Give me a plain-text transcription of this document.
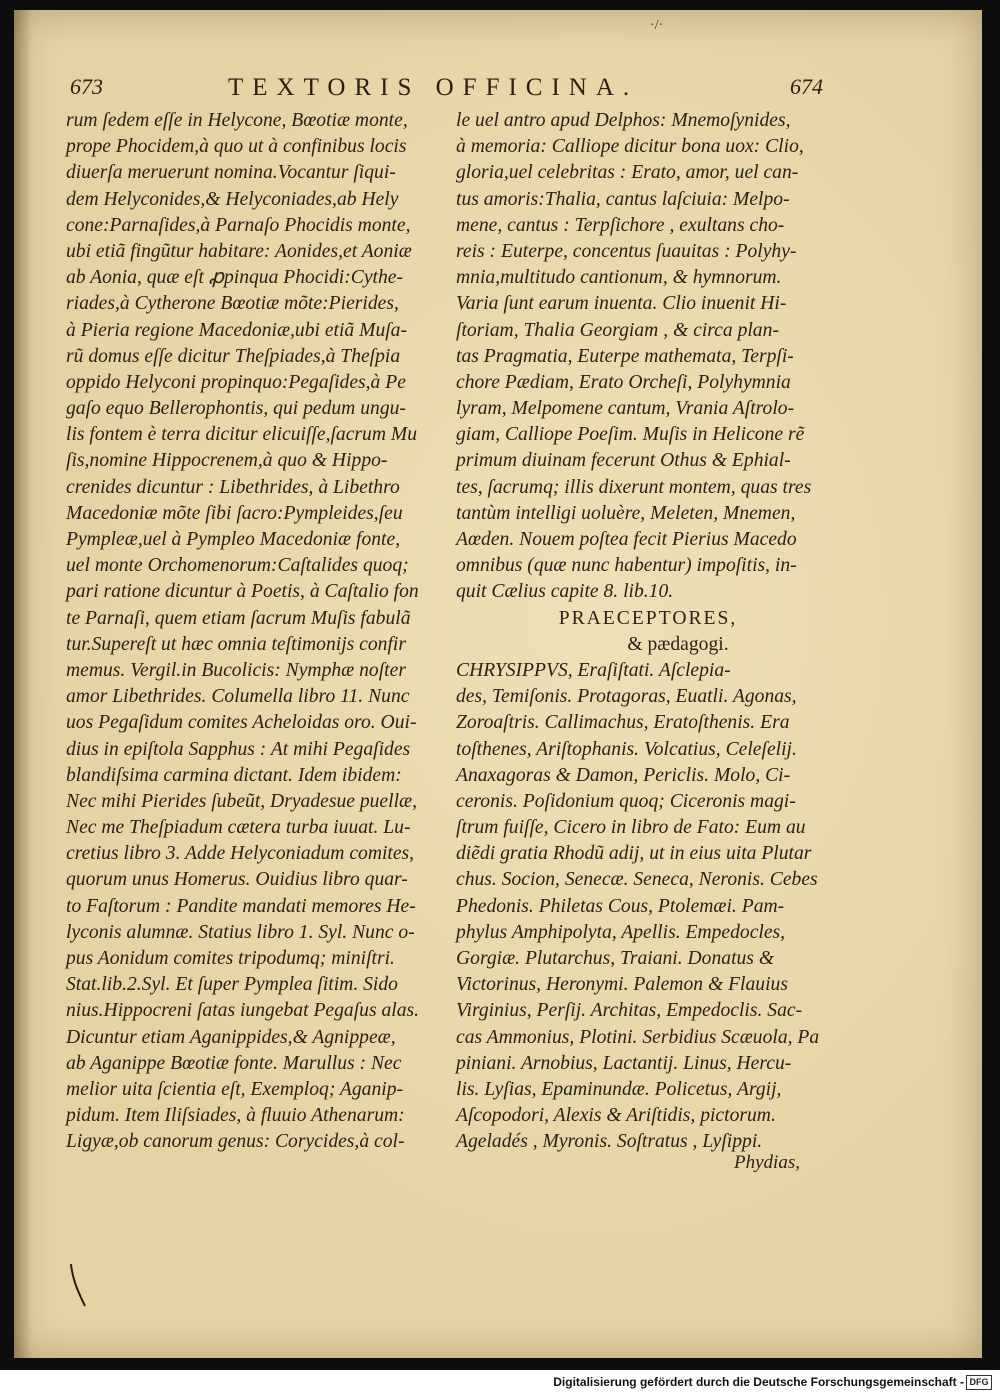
·/·
673	TEXTORIS OFFICINA.	674
rum ſedem eſſe in Helycone, Bœotiæ monte,
prope Phocidem,à quo ut à confinibus locis
diuerſa meruerunt nomina.Vocantur ſiqui-
dem Helyconides,& Helyconiades,ab Hely
cone:Parnaſides,à Parnaſo Phocidis monte,
ubi etiã fingũtur habitare: Aonides,et Aoniæ
ab Aonia, quæ eſt ꝓpinqua Phocidi:Cythe-
riades,à Cytherone Bœotiæ mõte:Pierides,
à Pieria regione Macedoniæ,ubi etiã Muſa-
rũ domus eſſe dicitur Theſpiades,à Theſpia
oppido Helyconi propinquo:Pegaſides,à Pe
gaſo equo Bellerophontis, qui pedum ungu-
lis fontem è terra dicitur elicuiſſe,ſacrum Mu
ſis,nomine Hippocrenem,à quo & Hippo-
crenides dicuntur : Libethrides, à Libethro
Macedoniæ mõte ſibi ſacro:Pympleides,ſeu
Pympleæ,uel à Pympleo Macedoniæ fonte,
uel monte Orchomenorum:Caſtalides quoq;
pari ratione dicuntur à Poetis, à Caſtalio fon
te Parnaſi, quem etiam ſacrum Muſis fabulã
tur.Supereſt ut hæc omnia teſtimonijs confir
memus. Vergil.in Bucolicis: Nymphæ noſter
amor Libethrides. Columella libro 11. Nunc
uos Pegaſidum comites Acheloidas oro. Oui-
dius in epiſtola Sapphus : At mihi Pegaſides
blandiſsima carmina dictant. Idem ibidem:
Nec mihi Pierides ſubeũt, Dryadesue puellæ,
Nec me Theſpiadum cætera turba iuuat. Lu-
cretius libro 3. Adde Helyconiadum comites,
quorum unus Homerus. Ouidius libro quar-
to Faſtorum : Pandite mandati memores He-
lyconis alumnæ. Statius libro 1. Syl. Nunc o-
pus Aonidum comites tripodumq; miniſtri.
Stat.lib.2.Syl. Et ſuper Pympleа ſitim. Sido
nius.Hippocreni ſatas iungebat Pegaſus alas.
Dicuntur etiam Aganippides,& Agnippeæ,
ab Aganippe Bœotiæ fonte. Marullus : Nec
melior uita ſcientia eſt, Exemploq; Aganip-
pidum. Item Iliſsiades, à fluuio Athenarum:
Ligyæ,ob canorum genus: Corycides,à col-
le uel antro apud Delphos: Mnemoſynides,
à memoria: Calliope dicitur bona uox: Clio,
gloria,uel celebritas : Erato, amor, uel can-
tus amoris:Thalia, cantus laſciuia: Melpo-
mene, cantus : Terpſichore , exultans cho-
reis : Euterpe, concentus ſuauitas : Polyhy-
mnia,multitudo cantionum, & hymnorum.
Varia ſunt earum inuenta. Clio inuenit Hi-
ſtoriam, Thalia Georgiam , & circa plan-
tas Pragmatia, Euterpe mathemata, Terpſi-
chore Pædiam, Erato Orcheſi, Polyhymnia
lyram, Melpomene cantum, Vrania Aſtrolo-
giam, Calliope Poeſim. Muſis in Helicone rẽ
primum diuinam fecerunt Othus & Ephial-
tes, ſacrumq; illis dixerunt montem, quas tres
tantùm intelligi uoluère, Meleten, Mnemen,
Aœden. Nouem poſtea fecit Pierius Macedo
omnibus (quæ nunc habentur) impoſitis, in-
quit Cælius capite 8. lib.10.
PRAECEPTORES,
& pædagogi.
CHRYSIPPVS, Eraſiſtati. Aſclepia-
des, Temiſonis. Protagoras, Euatli. Agonas,
Zoroaſtris. Callimachus, Eratoſthenis. Era
toſthenes, Ariſtophanis. Volcatius, Celeſelij.
Anaxagoras & Damon, Periclis. Molo, Ci-
ceronis. Poſidonium quoq; Ciceronis magi-
ſtrum fuiſſe, Cicero in libro de Fato: Eum au
diẽdi gratia Rhodũ adij, ut in eius uita Plutar
chus. Socion, Senecæ. Seneca, Neronis. Cebes
Phedonis. Philetas Cous, Ptolemæi. Pam-
phylus Amphipolyta, Apellis. Empedocles,
Gorgiæ. Plutarchus, Traiani. Donatus &
Victorinus, Heronymi. Palemon & Flauius
Virginius, Perſij. Architas, Empedoclis. Sac-
cas Ammonius, Plotini. Serbidius Scæuola, Pa
piniani. Arnobius, Lactantij. Linus, Hercu-
lis. Lyſias, Epaminundæ. Policetus, Argij,
Aſcopodori, Alexis & Ariſtidis, pictorum.
Ageladés , Myronis. Soſtratus , Lyſippi.
Phydias,
Digitalisierung gefördert durch die Deutsche Forschungsgemeinschaft - DFG
